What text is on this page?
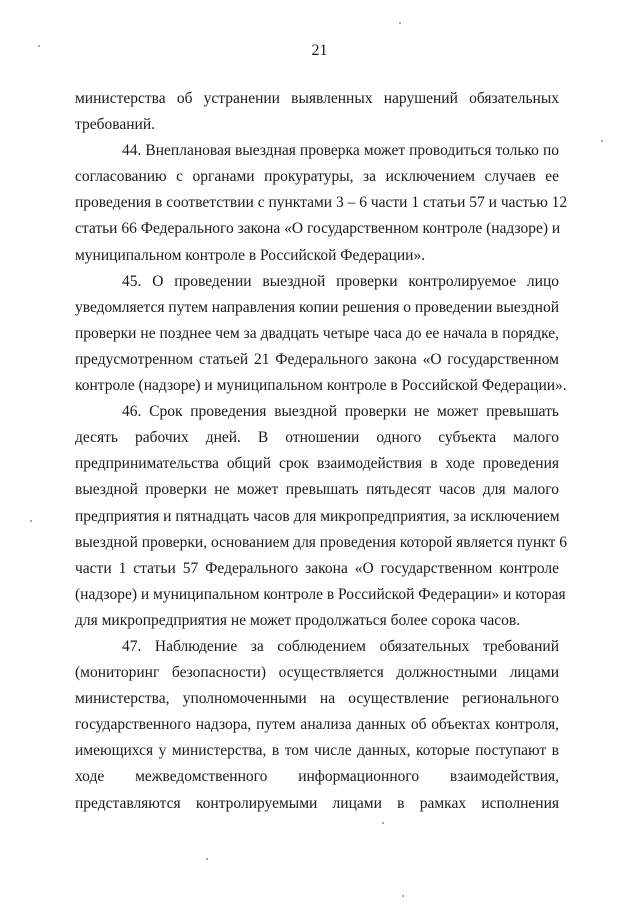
21
министерства об устранении выявленных нарушений обязательных
требований.
44. Внеплановая выездная проверка может проводиться только по
согласованию с органами прокуратуры, за исключением случаев ее
проведения в соответствии с пунктами 3 – 6 части 1 статьи 57 и частью 12
статьи 66 Федерального закона «О государственном контроле (надзоре) и
муниципальном контроле в Российской Федерации».
45. О проведении выездной проверки контролируемое лицо
уведомляется путем направления копии решения о проведении выездной
проверки не позднее чем за двадцать четыре часа до ее начала в порядке,
предусмотренном статьей 21 Федерального закона «О государственном
контроле (надзоре) и муниципальном контроле в Российской Федерации».
46. Срок проведения выездной проверки не может превышать
десять рабочих дней. В отношении одного субъекта малого
предпринимательства общий срок взаимодействия в ходе проведения
выездной проверки не может превышать пятьдесят часов для малого
предприятия и пятнадцать часов для микропредприятия, за исключением
выездной проверки, основанием для проведения которой является пункт 6
части 1 статьи 57 Федерального закона «О государственном контроле
(надзоре) и муниципальном контроле в Российской Федерации» и которая
для микропредприятия не может продолжаться более сорока часов.
47. Наблюдение за соблюдением обязательных требований
(мониторинг безопасности) осуществляется должностными лицами
министерства, уполномоченными на осуществление регионального
государственного надзора, путем анализа данных об объектах контроля,
имеющихся у министерства, в том числе данных, которые поступают в
ходе межведомственного информационного взаимодействия,
представляются контролируемыми лицами в рамках исполнения
